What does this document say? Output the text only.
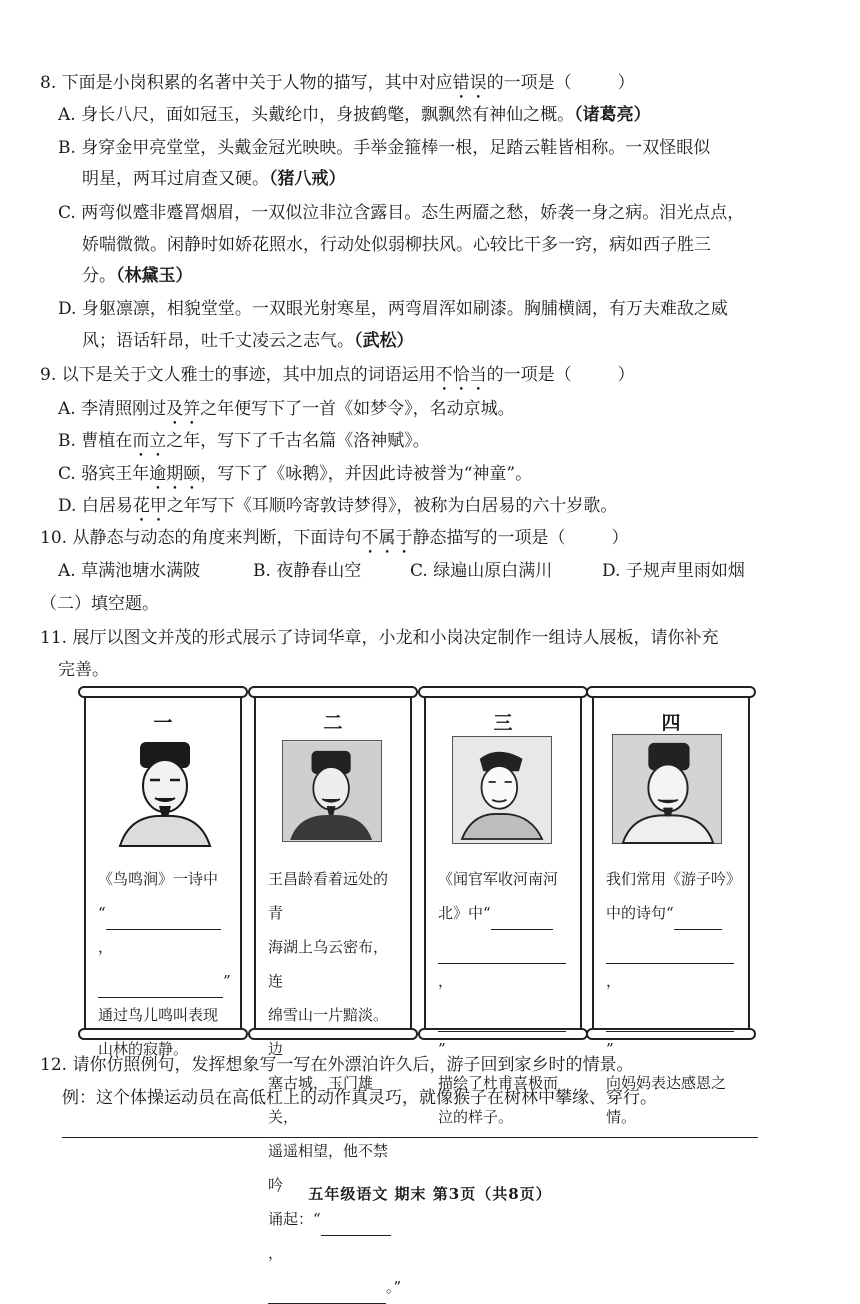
8. 下面是小岗积累的名著中关于人物的描写，其中对应错误的一项是（	）
A. 身长八尺，面如冠玉，头戴纶巾，身披鹤氅，飘飘然有神仙之概。（诸葛亮）
B. 身穿金甲亮堂堂，头戴金冠光映映。手举金箍棒一根，足踏云鞋皆相称。一双怪眼似
明星，两耳过肩查又硬。（猪八戒）
C. 两弯似蹙非蹙罥烟眉，一双似泣非泣含露目。态生两靥之愁，娇袭一身之病。泪光点点，
娇喘微微。闲静时如娇花照水，行动处似弱柳扶风。心较比干多一窍，病如西子胜三
分。（林黛玉）
D. 身躯凛凛，相貌堂堂。一双眼光射寒星，两弯眉浑如刷漆。胸脯横阔，有万夫难敌之威
风；语话轩昂，吐千丈凌云之志气。（武松）
9. 以下是关于文人雅士的事迹，其中加点的词语运用不恰当的一项是（	）
A. 李清照刚过及笄之年便写下了一首《如梦令》，名动京城。
B. 曹植在而立之年，写下了千古名篇《洛神赋》。
C. 骆宾王年逾期颐，写下了《咏鹅》，并因此诗被誉为“神童”。
D. 白居易花甲之年写下《耳顺吟寄敦诗梦得》，被称为白居易的六十岁歌。
10. 从静态与动态的角度来判断，下面诗句不属于静态描写的一项是（	）
A. 草满池塘水满陂	B. 夜静春山空	C. 绿遍山原白满川	D. 子规声里雨如烟
（二）填空题。
11. 展厅以图文并茂的形式展示了诗词华章，小龙和小岗决定制作一组诗人展板，请你补充
完善。
一
《鸟鸣涧》一诗中
“，
”
通过鸟儿鸣叫表现
山林的寂静。
二
王昌龄看着远处的青
海湖上乌云密布，连
绵雪山一片黯淡。边
塞古城，玉门雄关，
遥遥相望，他不禁吟
诵起：“，
。”
三
《闻官军收河南河
北》中“
，
”
描绘了杜甫喜极而
泣的样子。
四
我们常用《游子吟》
中的诗句“
，
”
向妈妈表达感恩之
情。
12. 请你仿照例句，发挥想象写一写在外漂泊许久后，游子回到家乡时的情景。
例：这个体操运动员在高低杠上的动作真灵巧，就像猴子在树林中攀缘、穿行。
五年级语文 期末 第3页（共8页）
